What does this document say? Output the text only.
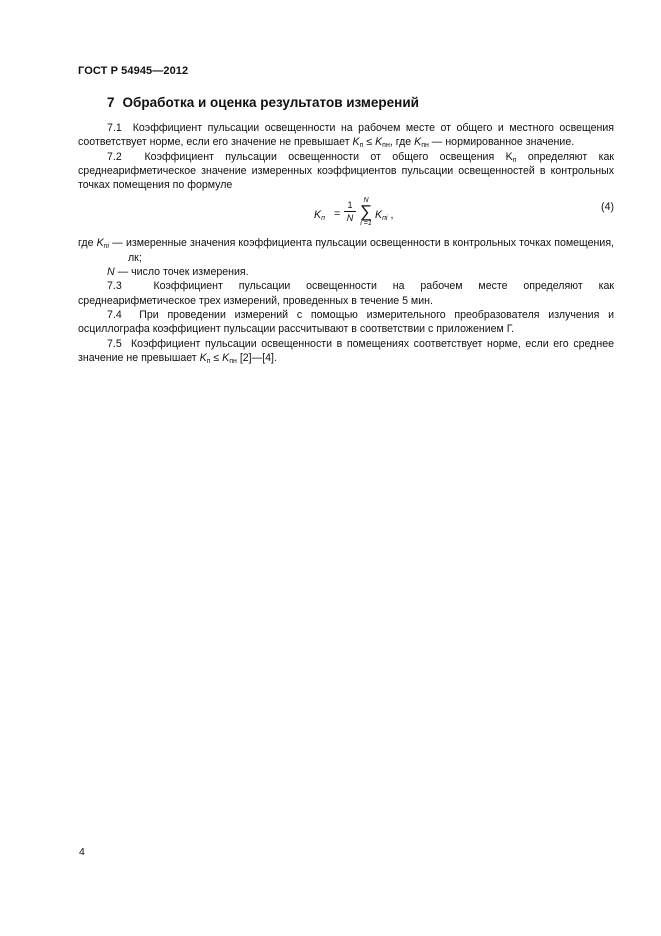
ГОСТ Р 54945—2012
7 Обработка и оценка результатов измерений

7.1 Коэффициент пульсации освещенности на рабочем месте от общего и местного освещения соответствует норме, если его значение не превышает $K_п \le K_{пн}$, где $K_{пн}$ — нормированное значение.

7.2 Коэффициент пульсации освещенности от общего освещения $K_п$ определяют как среднеарифметическое значение измеренных коэффициентов пульсации освещенностей в контрольных точках помещения по формуле

$K_п$ =
1
N
N
∑
i =1
$K_{пi}$ ,
(4)

где $K_{пi}$ — измеренные значения коэффициента пульсации освещенности в контрольных точках помещения, лк;

N — число точек измерения.

7.3	Коэффициент пульсации освещенности на рабочем месте определяют как среднеарифметическое трех измерений, проведенных в течение 5 мин.

7.4 При проведении измерений с помощью измерительного преобразователя излучения и осциллографа коэффициент пульсации рассчитывают в соответствии с приложением Г.

7.5 Коэффициент пульсации освещенности в помещениях соответствует норме, если его среднее значение не превышает $K_п \le K_{пн}$ [2]—[4].

4
